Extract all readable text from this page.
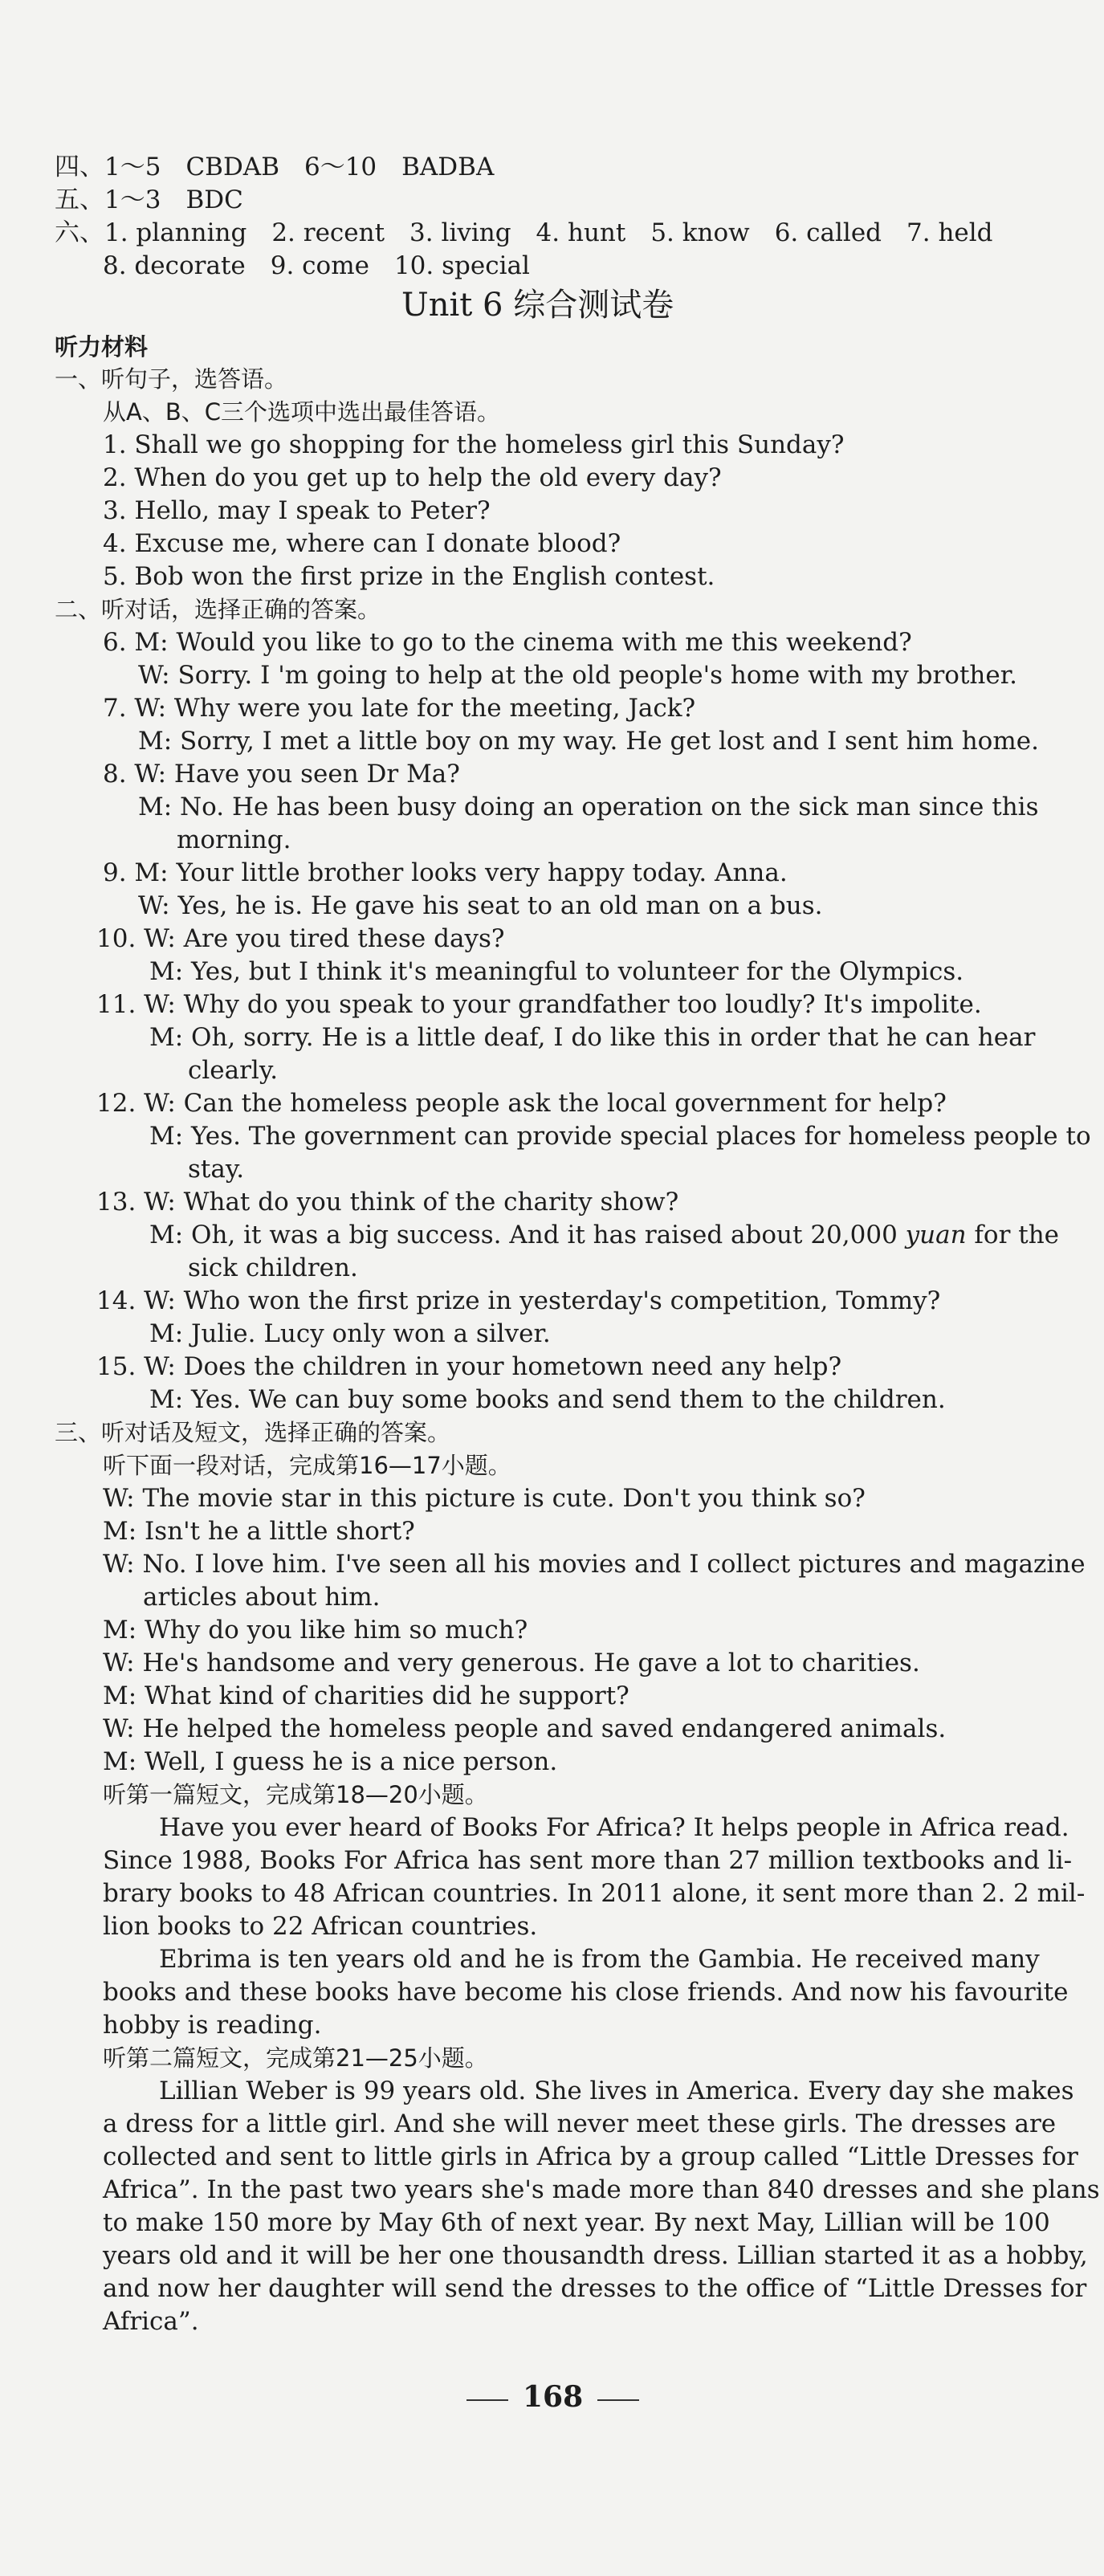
四、1～5　CBDAB　6～10　BADBA
五、1～3　BDC
六、1. planning　2. recent　3. living　4. hunt　5. know　6. called　7. held
8. decorate　9. come　10. special
Unit 6 综合测试卷
听力材料
一、听句子，选答语。
从A、B、C三个选项中选出最佳答语。
1. Shall we go shopping for the homeless girl this Sunday?
2. When do you get up to help the old every day?
3. Hello, may I speak to Peter?
4. Excuse me, where can I donate blood?
5. Bob won the first prize in the English contest.
二、听对话，选择正确的答案。
6. M: Would you like to go to the cinema with me this weekend?
W: Sorry. I 'm going to help at the old people's home with my brother.
7. W: Why were you late for the meeting, Jack?
M: Sorry, I met a little boy on my way. He get lost and I sent him home.
8. W: Have you seen Dr Ma?
M: No. He has been busy doing an operation on the sick man since this
morning.
9. M: Your little brother looks very happy today. Anna.
W: Yes, he is. He gave his seat to an old man on a bus.
10. W: Are you tired these days?
M: Yes, but I think it's meaningful to volunteer for the Olympics.
11. W: Why do you speak to your grandfather too loudly? It's impolite.
M: Oh, sorry. He is a little deaf, I do like this in order that he can hear
clearly.
12. W: Can the homeless people ask the local government for help?
M: Yes. The government can provide special places for homeless people to
stay.
13. W: What do you think of the charity show?
M: Oh, it was a big success. And it has raised about 20,000 yuan for the
sick children.
14. W: Who won the first prize in yesterday's competition, Tommy?
M: Julie. Lucy only won a silver.
15. W: Does the children in your hometown need any help?
M: Yes. We can buy some books and send them to the children.
三、听对话及短文，选择正确的答案。
听下面一段对话，完成第16—17小题。
W: The movie star in this picture is cute. Don't you think so?
M: Isn't he a little short?
W: No. I love him. I've seen all his movies and I collect pictures and magazine
articles about him.
M: Why do you like him so much?
W: He's handsome and very generous. He gave a lot to charities.
M: What kind of charities did he support?
W: He helped the homeless people and saved endangered animals.
M: Well, I guess he is a nice person.
听第一篇短文，完成第18—20小题。
Have you ever heard of Books For Africa? It helps people in Africa read.
Since 1988, Books For Africa has sent more than 27 million textbooks and li-
brary books to 48 African countries. In 2011 alone, it sent more than 2. 2 mil-
lion books to 22 African countries.
Ebrima is ten years old and he is from the Gambia. He received many
books and these books have become his close friends. And now his favourite
hobby is reading.
听第二篇短文，完成第21—25小题。
Lillian Weber is 99 years old. She lives in America. Every day she makes
a dress for a little girl. And she will never meet these girls. The dresses are
collected and sent to little girls in Africa by a group called “Little Dresses for
Africa”. In the past two years she's made more than 840 dresses and she plans
to make 150 more by May 6th of next year. By next May, Lillian will be 100
years old and it will be her one thousandth dress. Lillian started it as a hobby,
and now her daughter will send the dresses to the office of “Little Dresses for
Africa”.
168
